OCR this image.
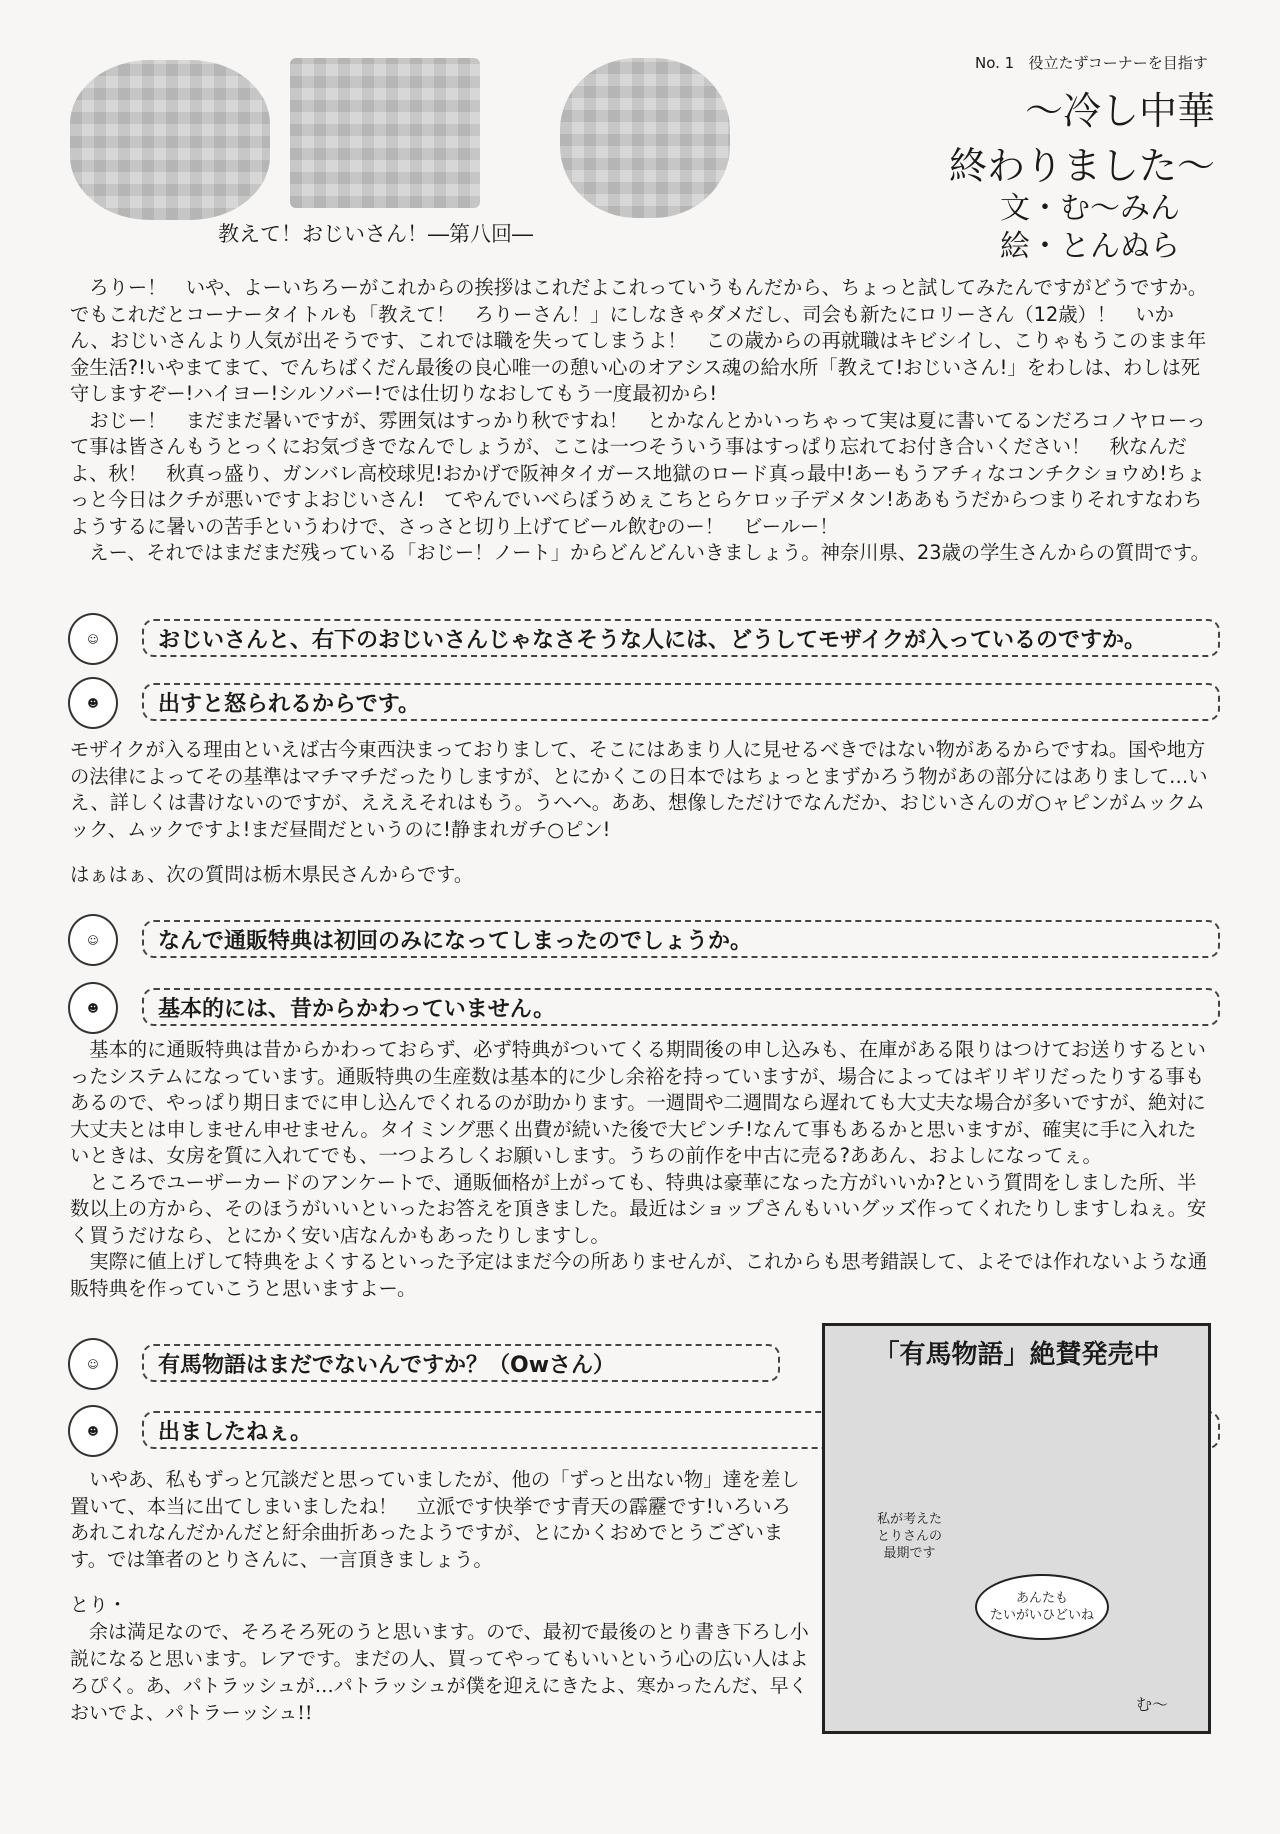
No. 1 役立たずコーナーを目指す
〜冷し中華
終わりました〜
文・む〜みん
絵・とんぬら
教えて！おじいさん！―第八回―
ろりー！　いや、よーいちろーがこれからの挨拶はこれだよこれっていうもんだから、ちょっと試してみたんですがどうですか。でもこれだとコーナータイトルも「教えて！　ろりーさん！」にしなきゃダメだし、司会も新たにロリーさん（12歳）！　いかん、おじいさんより人気が出そうです、これでは職を失ってしまうよ！　この歳からの再就職はキビシイし、こりゃもうこのまま年金生活?!いやまてまて、でんちばくだん最後の良心唯一の憩い心のオアシス魂の給水所「教えて!おじいさん!」をわしは、わしは死守しますぞー!ハイヨー!シルソバー!では仕切りなおしてもう一度最初から!
おじー！　まだまだ暑いですが、雰囲気はすっかり秋ですね！　とかなんとかいっちゃって実は夏に書いてるンだろコノヤローって事は皆さんもうとっくにお気づきでなんでしょうが、ここは一つそういう事はすっぱり忘れてお付き合いください！　秋なんだよ、秋！　秋真っ盛り、ガンバレ高校球児!おかげで阪神タイガース地獄のロード真っ最中!あーもうアチィなコンチクショウめ!ちょっと今日はクチが悪いですよおじいさん!　てやんでいべらぼうめぇこちとらケロッ子デメタン!ああもうだからつまりそれすなわちようするに暑いの苦手というわけで、さっさと切り上げてビール飲むのー！　ビールー！
えー、それではまだまだ残っている「おじー！ノート」からどんどんいきましょう。神奈川県、23歳の学生さんからの質問です。
☺	おじいさんと、右下のおじいさんじゃなさそうな人には、どうしてモザイクが入っているのですか。
☻	出すと怒られるからです。
モザイクが入る理由といえば古今東西決まっておりまして、そこにはあまり人に見せるべきではない物があるからですね。国や地方の法律によってその基準はマチマチだったりしますが、とにかくこの日本ではちょっとまずかろう物があの部分にはありまして…いえ、詳しくは書けないのですが、えええそれはもう。うへへ。ああ、想像しただけでなんだか、おじいさんのガ○ャピンがムックムック、ムックですよ!まだ昼間だというのに!静まれガチ○ピン!
はぁはぁ、次の質問は栃木県民さんからです。
☺	なんで通販特典は初回のみになってしまったのでしょうか。
☻	基本的には、昔からかわっていません。
基本的に通販特典は昔からかわっておらず、必ず特典がついてくる期間後の申し込みも、在庫がある限りはつけてお送りするといったシステムになっています。通販特典の生産数は基本的に少し余裕を持っていますが、場合によってはギリギリだったりする事もあるので、やっぱり期日までに申し込んでくれるのが助かります。一週間や二週間なら遅れても大丈夫な場合が多いですが、絶対に大丈夫とは申しません申せません。タイミング悪く出費が続いた後で大ピンチ!なんて事もあるかと思いますが、確実に手に入れたいときは、女房を質に入れてでも、一つよろしくお願いします。うちの前作を中古に売る?ああん、およしになってぇ。
ところでユーザーカードのアンケートで、通販価格が上がっても、特典は豪華になった方がいいか?という質問をしました所、半数以上の方から、そのほうがいいといったお答えを頂きました。最近はショップさんもいいグッズ作ってくれたりしますしねぇ。安く買うだけなら、とにかく安い店なんかもあったりしますし。
実際に値上げして特典をよくするといった予定はまだ今の所ありませんが、これからも思考錯誤して、よそでは作れないような通販特典を作っていこうと思いますよー。
☺	有馬物語はまだでないんですか？（Owさん）
出ましたねぇ。
☻
いやあ、私もずっと冗談だと思っていましたが、他の「ずっと出ない物」達を差し置いて、本当に出てしまいましたね！　立派です快挙です青天の霹靂です!いろいろあれこれなんだかんだと紆余曲折あったようですが、とにかくおめでとうございます。では筆者のとりさんに、一言頂きましょう。
とり・
余は満足なので、そろそろ死のうと思います。ので、最初で最後のとり書き下ろし小説になると思います。レアです。まだの人、買ってやってもいいという心の広い人はよろぴく。あ、パトラッシュが…パトラッシュが僕を迎えにきたよ、寒かったんだ、早くおいでよ、パトラーッシュ!!
「有馬物語」絶賛発売中
私が考えた
とりさんの
最期です
あんたも
たいがいひどいね
む〜
